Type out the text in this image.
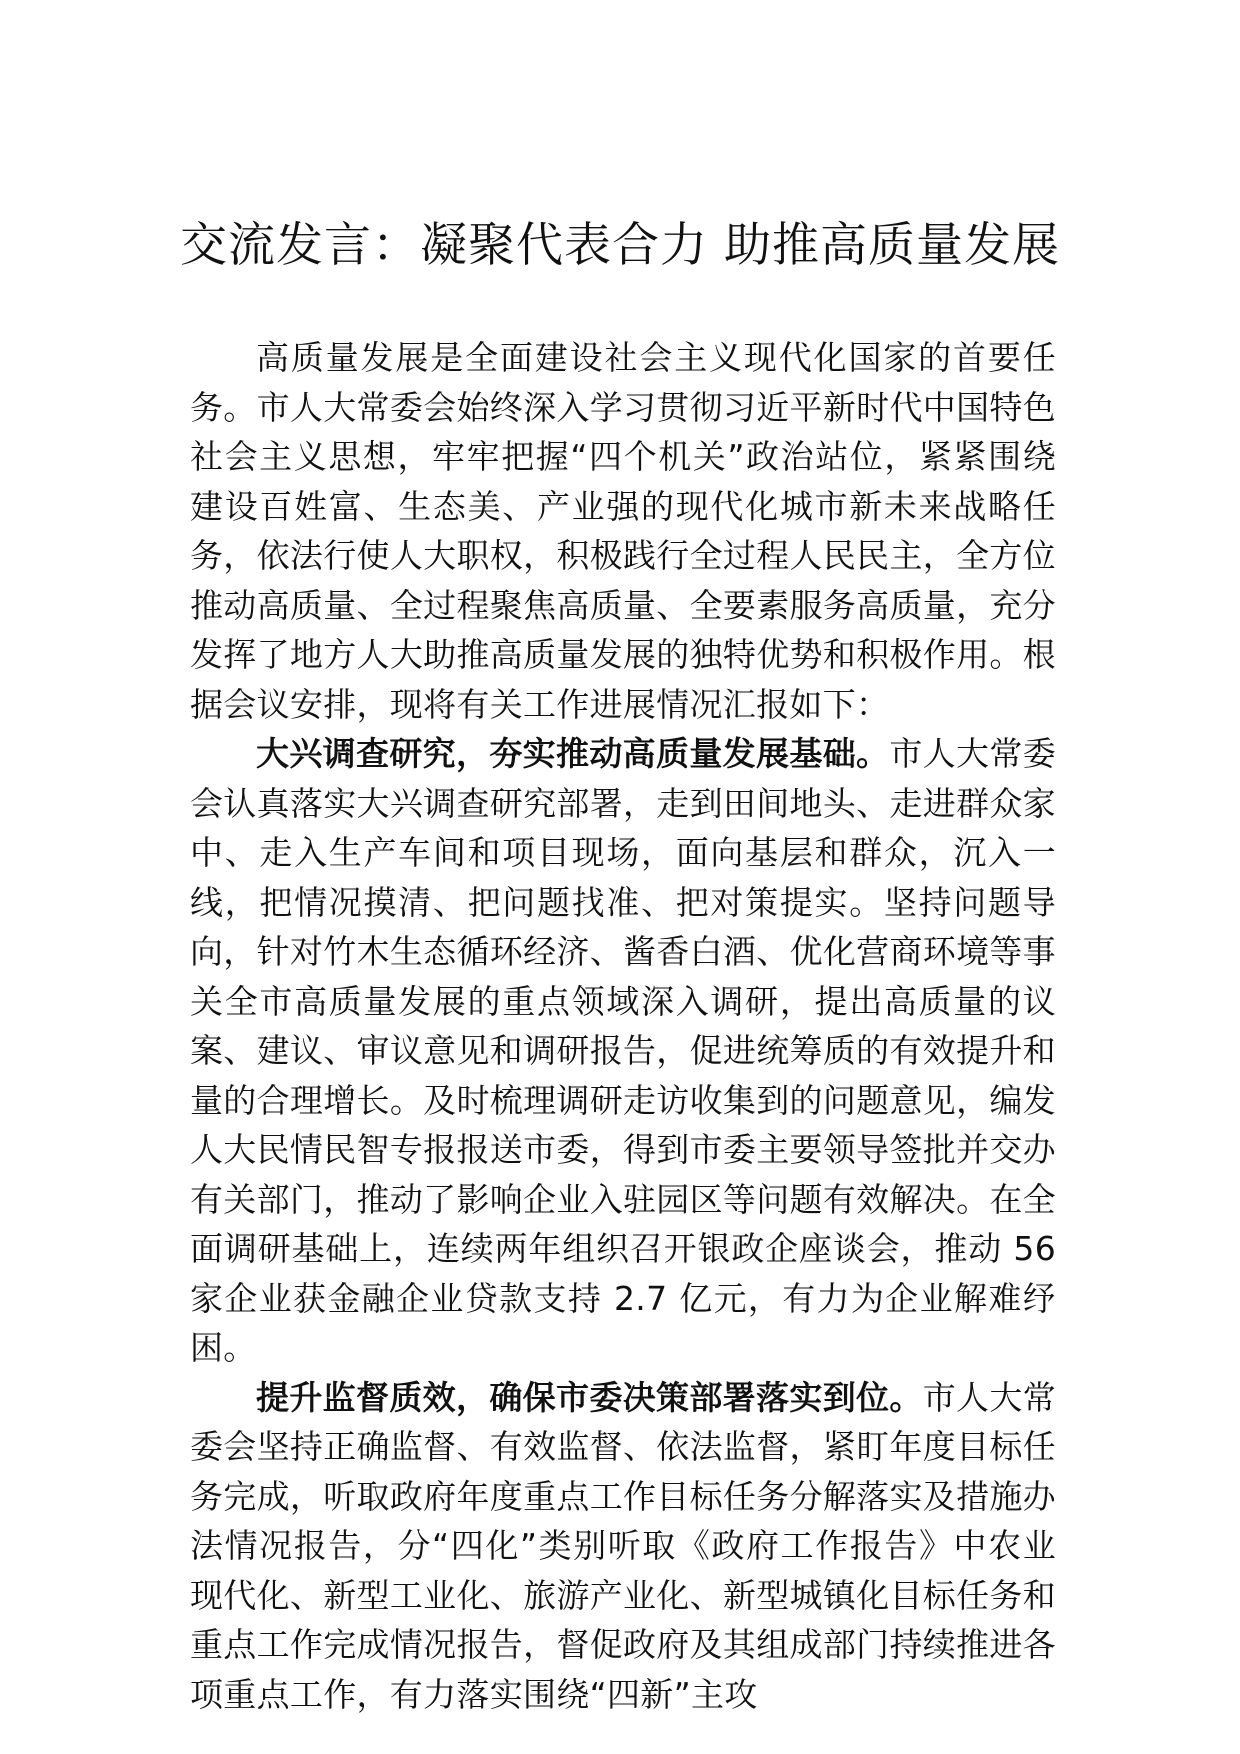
交流发言：凝聚代表合力 助推高质量发展

高质量发展是全面建设社会主义现代化国家的首要任务。市人大常委会始终深入学习贯彻习近平新时代中国特色社会主义思想，牢牢把握“四个机关”政治站位，紧紧围绕建设百姓富、生态美、产业强的现代化城市新未来战略任务，依法行使人大职权，积极践行全过程人民民主，全方位推动高质量、全过程聚焦高质量、全要素服务高质量，充分发挥了地方人大助推高质量发展的独特优势和积极作用。根据会议安排，现将有关工作进展情况汇报如下：

大兴调查研究，夯实推动高质量发展基础。市人大常委会认真落实大兴调查研究部署，走到田间地头、走进群众家中、走入生产车间和项目现场，面向基层和群众，沉入一线，把情况摸清、把问题找准、把对策提实。坚持问题导向，针对竹木生态循环经济、酱香白酒、优化营商环境等事关全市高质量发展的重点领域深入调研，提出高质量的议案、建议、审议意见和调研报告，促进统筹质的有效提升和量的合理增长。及时梳理调研走访收集到的问题意见，编发人大民情民智专报报送市委，得到市委主要领导签批并交办有关部门，推动了影响企业入驻园区等问题有效解决。在全面调研基础上，连续两年组织召开银政企座谈会，推动 56 家企业获金融企业贷款支持 2.7 亿元，有力为企业解难纾困。

提升监督质效，确保市委决策部署落实到位。市人大常委会坚持正确监督、有效监督、依法监督，紧盯年度目标任务完成，听取政府年度重点工作目标任务分解落实及措施办法情况报告，分“四化”类别听取《政府工作报告》中农业现代化、新型工业化、旅游产业化、新型城镇化目标任务和重点工作完成情况报告，督促政府及其组成部门持续推进各项重点工作，有力落实围绕“四新”主攻
